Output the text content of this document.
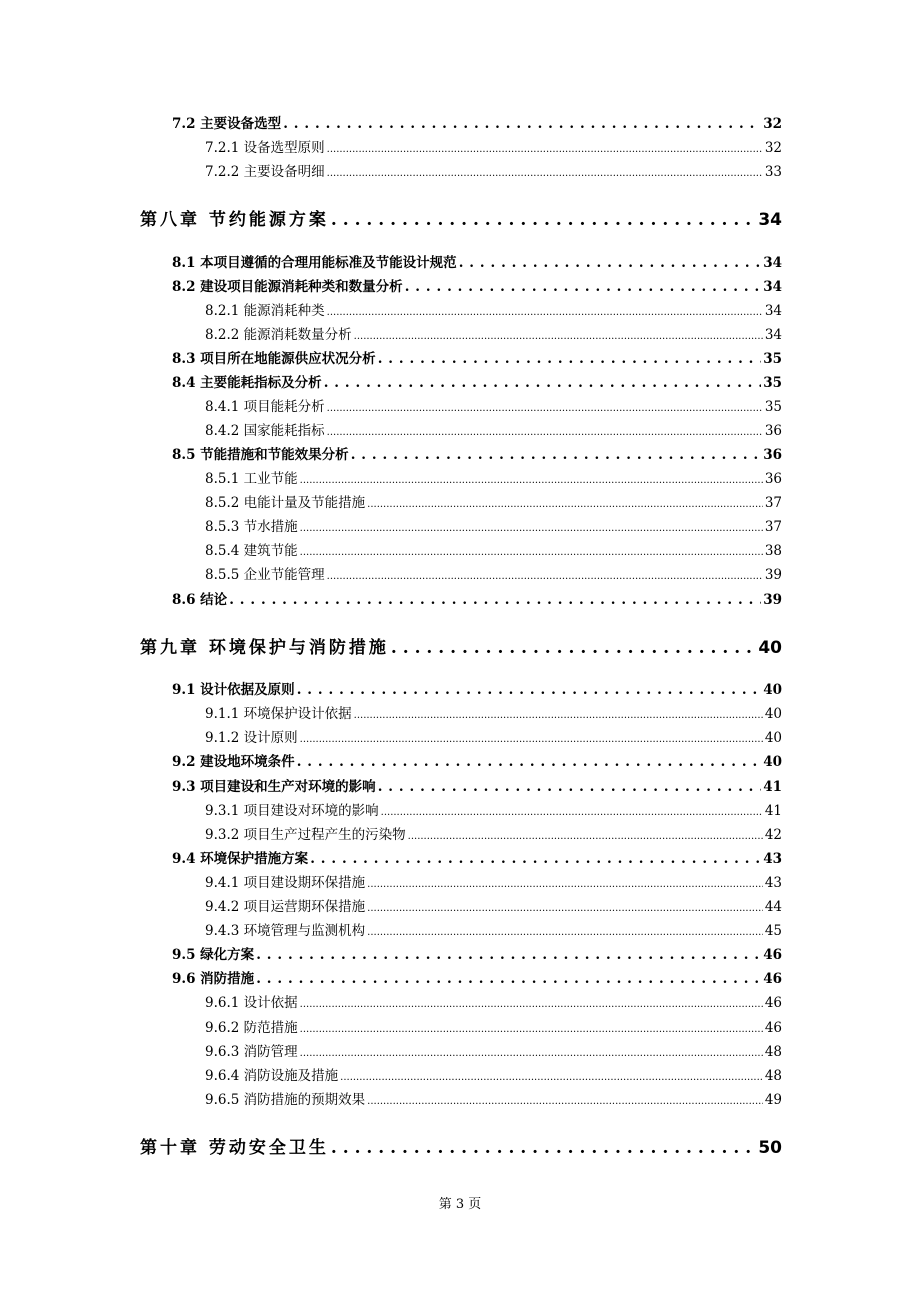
7.2 主要设备选型 . . .	32
7.2.1 设备选型原则 .....	32
7.2.2 主要设备明细 .....	33
第八章 节约能源方案 . . .	34
8.1 本项目遵循的合理用能标准及节能设计规范 . . .	34
8.2 建设项目能源消耗种类和数量分析 . . .	34
8.2.1 能源消耗种类 .....	34
8.2.2 能源消耗数量分析 .....	34
8.3 项目所在地能源供应状况分析 . . .	35
8.4 主要能耗指标及分析 . . .	35
8.4.1 项目能耗分析 .....	35
8.4.2 国家能耗指标 .....	36
8.5 节能措施和节能效果分析 . . .	36
8.5.1 工业节能 .....	36
8.5.2 电能计量及节能措施 .....	37
8.5.3 节水措施 .....	37
8.5.4 建筑节能 .....	38
8.5.5 企业节能管理 .....	39
8.6 结论 . . .	39
第九章 环境保护与消防措施 . . .	40
9.1 设计依据及原则 . . .	40
9.1.1 环境保护设计依据 .....	40
9.1.2 设计原则 .....	40
9.2 建设地环境条件 . . .	40
9.3 项目建设和生产对环境的影响 . . .	41
9.3.1 项目建设对环境的影响 .....	41
9.3.2 项目生产过程产生的污染物 .....	42
9.4 环境保护措施方案 . . .	43
9.4.1 项目建设期环保措施 .....	43
9.4.2 项目运营期环保措施 .....	44
9.4.3 环境管理与监测机构 .....	45
9.5 绿化方案 . . .	46
9.6 消防措施 . . .	46
9.6.1 设计依据 .....	46
9.6.2 防范措施 .....	46
9.6.3 消防管理 .....	48
9.6.4 消防设施及措施 .....	48
9.6.5 消防措施的预期效果 .....	49
第十章 劳动安全卫生 . . .	50
第 3 页
